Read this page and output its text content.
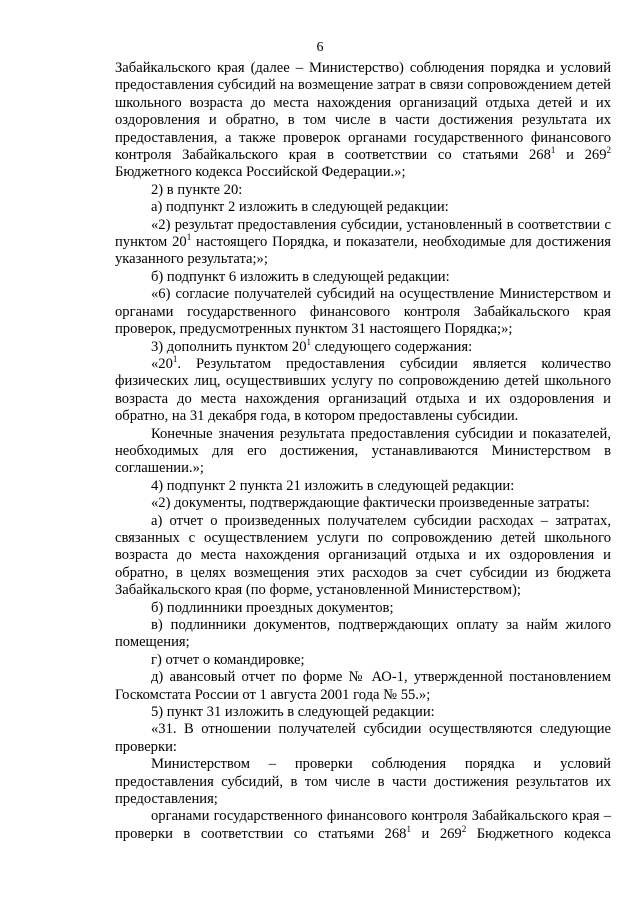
6

Забайкальского края (далее – Министерство) соблюдения порядка и условий предоставления субсидий на возмещение затрат в связи сопровождением детей школьного возраста до места нахождения организаций отдыха детей и их оздоровления и обратно, в том числе в части достижения результата их предоставления, а также проверок органами государственного финансового контроля Забайкальского края в соответствии со статьями $268^1$ и $269^2$ Бюджетного кодекса Российской Федерации.»;

2) в пункте 20:

а) подпункт 2 изложить в следующей редакции:

«2) результат предоставления субсидии, установленный в соответствии с пунктом $20^1$ настоящего Порядка, и показатели, необходимые для достижения указанного результата;»;

б) подпункт 6 изложить в следующей редакции:

«6) согласие получателей субсидий на осуществление Министерством и органами государственного финансового контроля Забайкальского края проверок, предусмотренных пунктом 31 настоящего Порядка;»;

3) дополнить пунктом $20^1$ следующего содержания:

«$20^1$. Результатом предоставления субсидии является количество физических лиц, осуществивших услугу по сопровождению детей школьного возраста до места нахождения организаций отдыха и их оздоровления и обратно, на 31 декабря года, в котором предоставлены субсидии.

Конечные значения результата предоставления субсидии и показателей, необходимых для его достижения, устанавливаются Министерством в соглашении.»;

4) подпункт 2 пункта 21 изложить в следующей редакции:

«2) документы, подтверждающие фактически произведенные затраты:

а) отчет о произведенных получателем субсидии расходах – затратах, связанных с осуществлением услуги по сопровождению детей школьного возраста до места нахождения организаций отдыха и их оздоровления и обратно, в целях возмещения этих расходов за счет субсидии из бюджета Забайкальского края (по форме, установленной Министерством);

б) подлинники проездных документов;

в) подлинники документов, подтверждающих оплату за найм жилого помещения;

г) отчет о командировке;

д) авансовый отчет по форме № АО-1, утвержденной постановлением Госкомстата России от 1 августа 2001 года № 55.»;

5) пункт 31 изложить в следующей редакции:

«31. В отношении получателей субсидии осуществляются следующие проверки:

Министерством – проверки соблюдения порядка и условий предоставления субсидий, в том числе в части достижения результатов их предоставления;

органами государственного финансового контроля Забайкальского края – проверки в соответствии со статьями $268^1$ и $269^2$ Бюджетного кодекса
